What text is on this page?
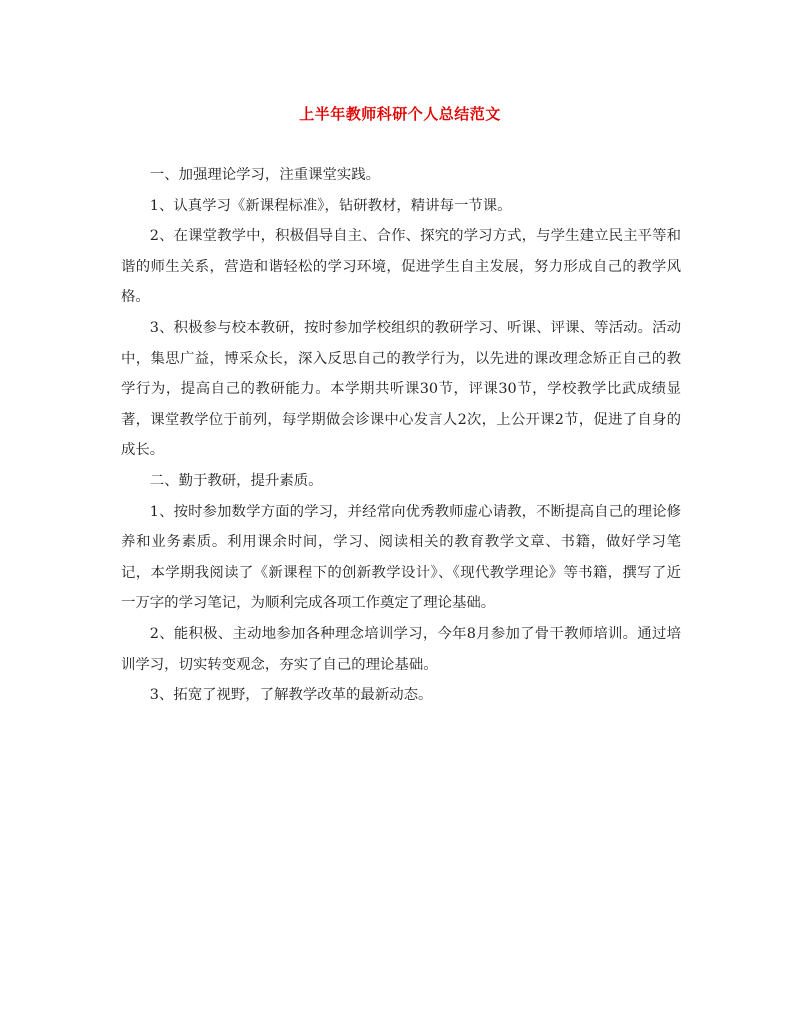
上半年教师科研个人总结范文

一、加强理论学习，注重课堂实践。

1、认真学习《新课程标准》，钻研教材，精讲每一节课。

2、在课堂教学中，积极倡导自主、合作、探究的学习方式，与学生建立民主平等和谐的师生关系，营造和谐轻松的学习环境，促进学生自主发展，努力形成自己的教学风格。

3、积极参与校本教研，按时参加学校组织的教研学习、听课、评课、等活动。活动中，集思广益，博采众长，深入反思自己的教学行为，以先进的课改理念矫正自己的教学行为，提高自己的教研能力。本学期共听课30节，评课30节，学校教学比武成绩显著，课堂教学位于前列，每学期做会诊课中心发言人2次，上公开课2节，促进了自身的成长。

二、勤于教研，提升素质。

1、按时参加数学方面的学习，并经常向优秀教师虚心请教，不断提高自己的理论修养和业务素质。利用课余时间，学习、阅读相关的教育教学文章、书籍，做好学习笔记，本学期我阅读了《新课程下的创新教学设计》、《现代教学理论》等书籍，撰写了近一万字的学习笔记，为顺利完成各项工作奠定了理论基础。

2、能积极、主动地参加各种理念培训学习，今年8月参加了骨干教师培训。通过培训学习，切实转变观念，夯实了自己的理论基础。

3、拓宽了视野，了解教学改革的最新动态。
